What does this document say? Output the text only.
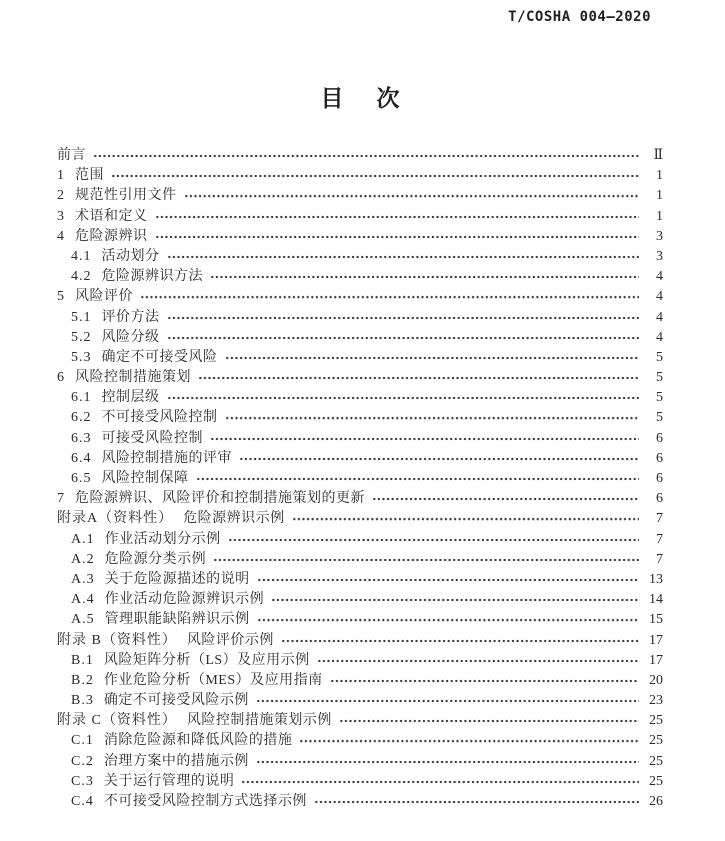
T/COSHA 004—2020
目　次
前言	Ⅱ
1 范围	1
2 规范性引用文件	1
3 术语和定义	1
4 危险源辨识	3
4.1 活动划分	3
4.2 危险源辨识方法	4
5 风险评价	4
5.1 评价方法	4
5.2 风险分级	4
5.3 确定不可接受风险	5
6 风险控制措施策划	5
6.1 控制层级	5
6.2 不可接受风险控制	5
6.3 可接受风险控制	6
6.4 风险控制措施的评审	6
6.5 风险控制保障	6
7 危险源辨识、风险评价和控制措施策划的更新	6
附录A（资料性） 危险源辨识示例	7
A.1 作业活动划分示例	7
A.2 危险源分类示例	7
A.3 关于危险源描述的说明	13
A.4 作业活动危险源辨识示例	14
A.5 管理职能缺陷辨识示例	15
附录 B（资料性） 风险评价示例	17
B.1 风险矩阵分析（LS）及应用示例	17
B.2 作业危险分析（MES）及应用指南	20
B.3 确定不可接受风险示例	23
附录 C（资料性） 风险控制措施策划示例	25
C.1 消除危险源和降低风险的措施	25
C.2 治理方案中的措施示例	25
C.3 关于运行管理的说明	25
C.4 不可接受风险控制方式选择示例	26
